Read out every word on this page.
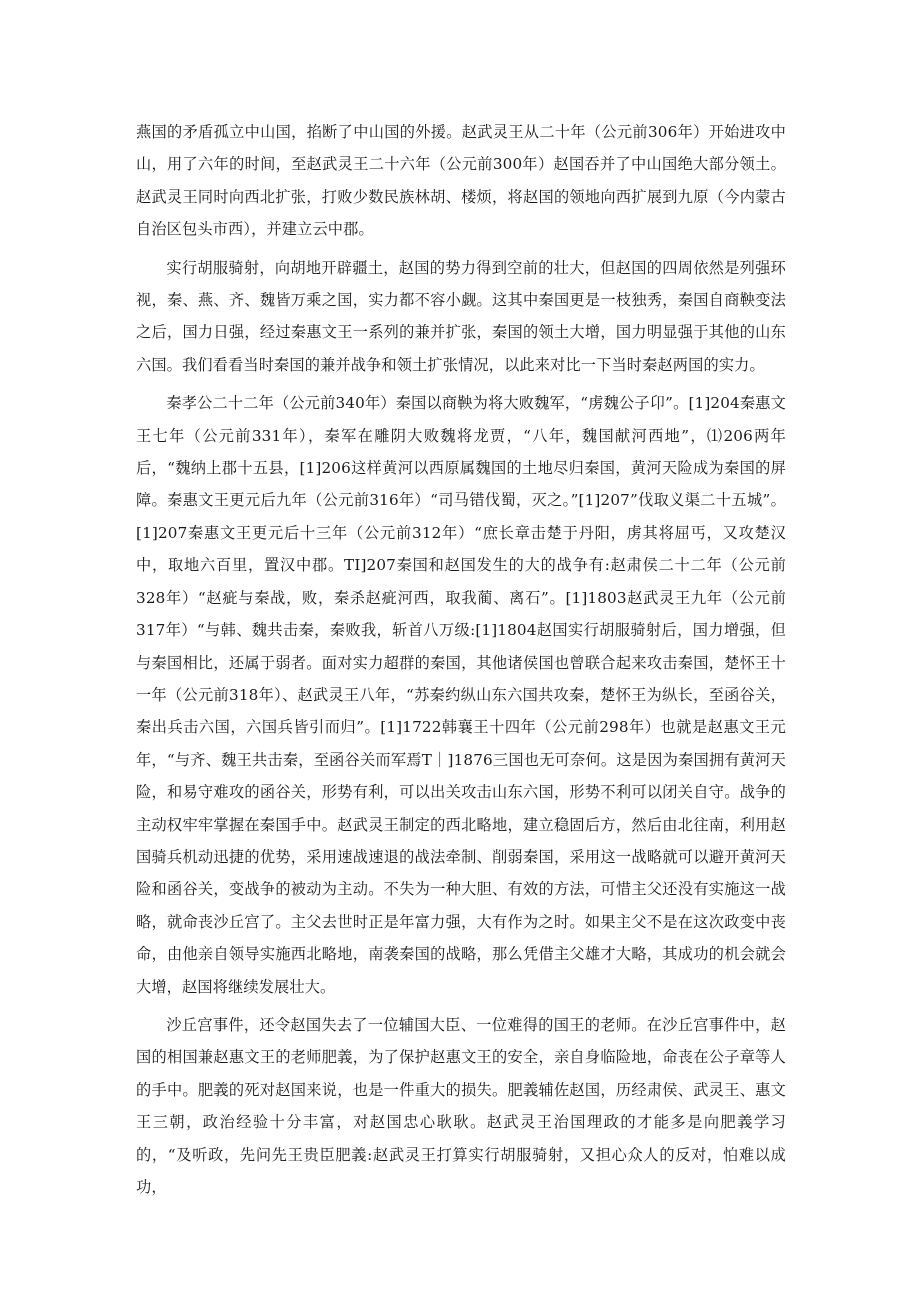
燕国的矛盾孤立中山国，掐断了中山国的外援。赵武灵王从二十年（公元前306年）开始进攻中山，用了六年的时间，至赵武灵王二十六年（公元前300年）赵国吞并了中山国绝大部分领土。赵武灵王同时向西北扩张，打败少数民族林胡、楼烦，将赵国的领地向西扩展到九原（今内蒙古自治区包头市西），并建立云中郡。

实行胡服骑射，向胡地开辟疆土，赵国的势力得到空前的壮大，但赵国的四周依然是列强环视，秦、燕、齐、魏皆万乘之国，实力都不容小觑。这其中秦国更是一枝独秀，秦国自商鞅变法之后，国力日强，经过秦惠文王一系列的兼并扩张，秦国的领土大增，国力明显强于其他的山东六国。我们看看当时秦国的兼并战争和领土扩张情况，以此来对比一下当时秦赵两国的实力。

秦孝公二十二年（公元前340年）秦国以商鞅为将大败魏军，“虏魏公子卬”。[1]204秦惠文王七年（公元前331年），秦军在雕阴大败魏将龙贾，“八年，魏国献河西地”，⑴206两年后，“魏纳上郡十五县，[1]206这样黄河以西原属魏国的土地尽归秦国，黄河天险成为秦国的屏障。秦惠文王更元后九年（公元前316年）“司马错伐蜀，灭之。”[1]207”伐取义渠二十五城”。[1]207秦惠文王更元后十三年（公元前312年）“庶长章击楚于丹阳，虏其将屈丐，又攻楚汉中，取地六百里，置汉中郡。TI]207秦国和赵国发生的大的战争有:赵肃侯二十二年（公元前328年）“赵疵与秦战，败，秦杀赵疵河西，取我蔺、离石”。[1]1803赵武灵王九年（公元前317年）“与韩、魏共击秦，秦败我，斩首八万级:[1]1804赵国实行胡服骑射后，国力增强，但与秦国相比，还属于弱者。面对实力超群的秦国，其他诸侯国也曾联合起来攻击秦国，楚怀王十一年（公元前318年）、赵武灵王八年，“苏秦约纵山东六国共攻秦，楚怀王为纵长，至函谷关，秦出兵击六国，六国兵皆引而归”。[1]1722韩襄王十四年（公元前298年）也就是赵惠文王元年，“与齐、魏王共击秦，至函谷关而军焉T｜]1876三国也无可奈何。这是因为秦国拥有黄河天险，和易守难攻的函谷关，形势有利，可以出关攻击山东六国，形势不利可以闭关自守。战争的主动权牢牢掌握在秦国手中。赵武灵王制定的西北略地，建立稳固后方，然后由北往南，利用赵国骑兵机动迅捷的优势，采用速战速退的战法牵制、削弱秦国，采用这一战略就可以避开黄河天险和函谷关，变战争的被动为主动。不失为一种大胆、有效的方法，可惜主父还没有实施这一战略，就命丧沙丘宫了。主父去世时正是年富力强，大有作为之时。如果主父不是在这次政变中丧命，由他亲自领导实施西北略地，南袭秦国的战略，那么凭借主父雄才大略，其成功的机会就会大增，赵国将继续发展壮大。

沙丘宫事件，还令赵国失去了一位辅国大臣、一位难得的国王的老师。在沙丘宫事件中，赵国的相国兼赵惠文王的老师肥義，为了保护赵惠文王的安全，亲自身临险地，命丧在公子章等人的手中。肥義的死对赵国来说，也是一件重大的损失。肥義辅佐赵国，历经肃侯、武灵王、惠文王三朝，政治经验十分丰富，对赵国忠心耿耿。赵武灵王治国理政的才能多是向肥義学习的，“及听政，先问先王贵臣肥義:赵武灵王打算实行胡服骑射，又担心众人的反对，怕难以成功，
